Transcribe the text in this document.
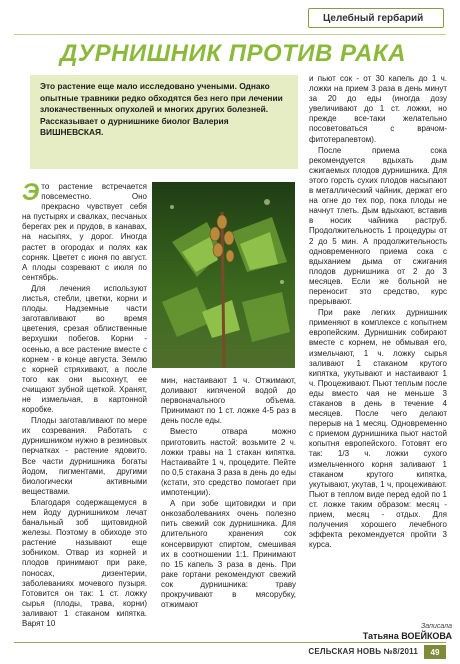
Целебный гербарий
ДУРНИШНИК ПРОТИВ РАКА
Это растение еще мало исследовано учеными. Однако опытные травники редко обходятся без него при лечении злокачественных опухолей и многих других болезней. Рассказывает о дурнишнике биолог Валерия ВИШНЕВСКАЯ.

Это растение встречается повсеместно. Оно прекрасно чувствует себя на пустырях и свалках, песчаных берегах рек и прудов, в канавах, на насыпях, у дорог. Иногда растет в огородах и полях как сорняк. Цветет с июня по август. А плоды созревают с июля по сентябрь.

Для лечения используют листья, стебли, цветки, корни и плоды. Надземные части заготавливают во время цветения, срезая облиственные верхушки побегов. Корни - осенью, а все растение вместе с корнем - в конце августа. Землю с корней стряхивают, а после того как они высохнут, ее счищают зубной щеткой. Хранят, не измельчая, в картонной коробке.

Плоды заготавливают по мере их созревания. Работать с дурнишником нужно в резиновых перчатках - растение ядовито. Все части дурнишника богаты йодом, пигментами, другими биологически активными веществами.

Благодаря содержащемуся в нем йоду дурнишником лечат банальный зоб щитовидной железы. Поэтому в обиходе это растение называют еще зобником. Отвар из корней и плодов принимают при раке, поносах, дизентерии, заболеваниях мочевого пузыря. Готовится он так: 1 ст. ложку сырья (плоды, трава, корни) заливают 1 стаканом кипятка. Варят 10

мин, настаивают 1 ч. Отжимают, доливают кипяченой водой до первоначального объема. Принимают по 1 ст. ложке 4-5 раз в день после еды.

Вместо отвара можно приготовить настой: возьмите 2 ч. ложки травы на 1 стакан кипятка. Настаивайте 1 ч, процедите. Пейте по 0,5 стакана 3 раза в день до еды (кстати, это средство помогает при импотенции).

А при зобе щитовидки и при онкозаболеваниях очень полезно пить свежий сок дурнишника. Для длительного хранения сок консервируют спиртом, смешивая их в соотношении 1:1. Принимают по 15 капель 3 раза в день. При раке гортани рекомендуют свежий сок дурнишника: траву прокручивают в мясорубку, отжимают

и пьют сок - от 30 капель до 1 ч. ложки на прием 3 раза в день минут за 20 до еды (иногда дозу увеличивают до 1 ст. ложки, но прежде все-таки желательно посоветоваться с врачом-фитотерапевтом).

После приема сока рекомендуется вдыхать дым сжигаемых плодов дурнишника. Для этого горсть сухих плодов насыпают в металлический чайник, держат его на огне до тех пор, пока плоды не начнут тлеть. Дым вдыхают, вставив в носик чайника раструб. Продолжительность 1 процедуры от 2 до 5 мин. А продолжительность одновременного приема сока с вдыханием дыма от сжигания плодов дурнишника от 2 до 3 месяцев. Если же больной не переносит это средство, курс прерывают.

При раке легких дурнишник применяют в комплексе с копытнем европейским. Дурнишник собирают вместе с корнем, не обмывая его, измельчают, 1 ч. ложку сырья заливают 1 стаканом крутого кипятка, укутывают и настаивают 1 ч. Процеживают. Пьют теплым после еды вместо чая не меньше 3 стаканов в день в течение 4 месяцев. После чего делают перерыв на 1 месяц. Одновременно с приемом дурнишника пьют настой копытня европейского. Готовят его так: 1/3 ч. ложки сухого измельченного корня заливают 1 стаканом крутого кипятка, укутывают, укутав, 1 ч, процеживают. Пьют в теплом виде перед едой по 1 ст. ложке таким образом: месяц - прием, месяц - отдых. Для получения хорошего лечебного эффекта рекомендуется пройти 3 курса.

Записала
Татьяна ВОЕЙКОВА
СЕЛЬСКАЯ НОВЬ №8/2011	49
